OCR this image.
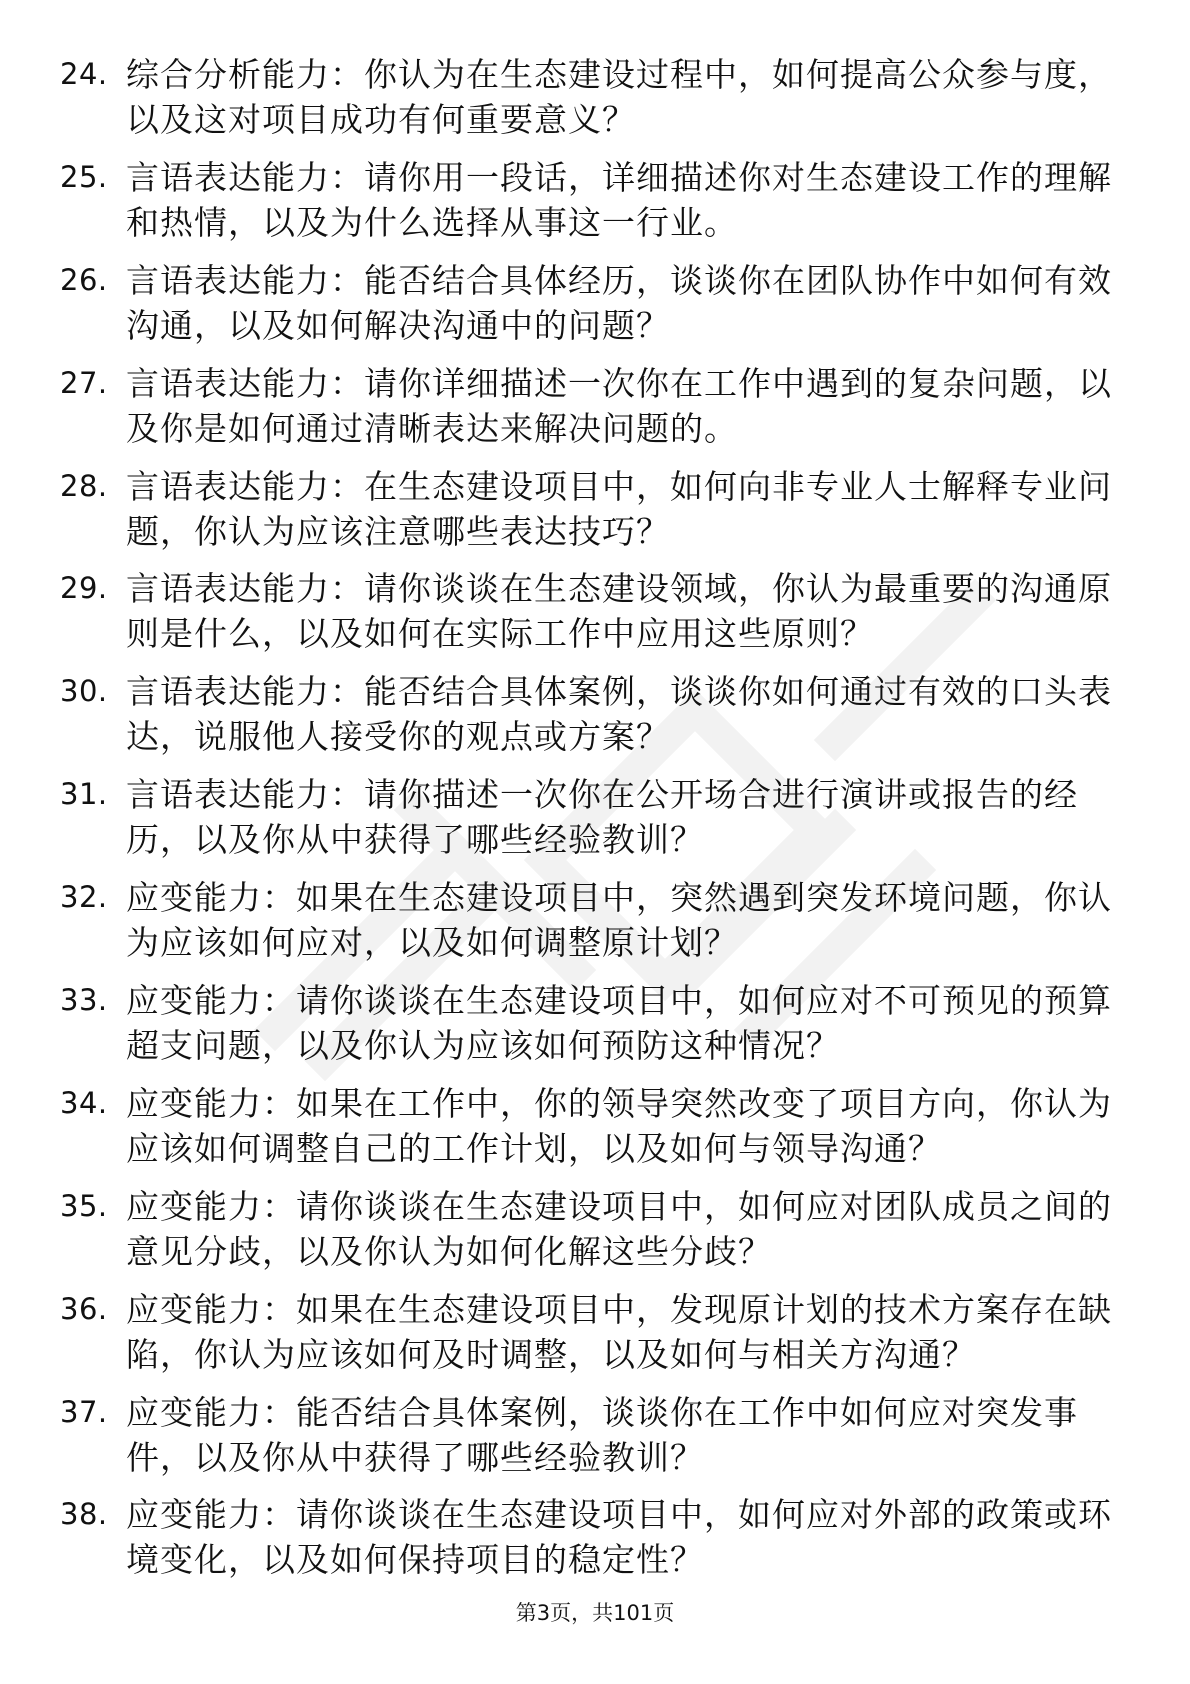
24. 综合分析能力：你认为在生态建设过程中，如何提高公众参与度，以及这对项目成功有何重要意义？
25. 言语表达能力：请你用一段话，详细描述你对生态建设工作的理解和热情，以及为什么选择从事这一行业。
26. 言语表达能力：能否结合具体经历，谈谈你在团队协作中如何有效沟通，以及如何解决沟通中的问题？
27. 言语表达能力：请你详细描述一次你在工作中遇到的复杂问题，以及你是如何通过清晰表达来解决问题的。
28. 言语表达能力：在生态建设项目中，如何向非专业人士解释专业问题，你认为应该注意哪些表达技巧？
29. 言语表达能力：请你谈谈在生态建设领域，你认为最重要的沟通原则是什么，以及如何在实际工作中应用这些原则？
30. 言语表达能力：能否结合具体案例，谈谈你如何通过有效的口头表达，说服他人接受你的观点或方案？
31. 言语表达能力：请你描述一次你在公开场合进行演讲或报告的经历，以及你从中获得了哪些经验教训？
32. 应变能力：如果在生态建设项目中，突然遇到突发环境问题，你认为应该如何应对，以及如何调整原计划？
33. 应变能力：请你谈谈在生态建设项目中，如何应对不可预见的预算超支问题，以及你认为应该如何预防这种情况？
34. 应变能力：如果在工作中，你的领导突然改变了项目方向，你认为应该如何调整自己的工作计划，以及如何与领导沟通？
35. 应变能力：请你谈谈在生态建设项目中，如何应对团队成员之间的意见分歧，以及你认为如何化解这些分歧？
36. 应变能力：如果在生态建设项目中，发现原计划的技术方案存在缺陷，你认为应该如何及时调整，以及如何与相关方沟通？
37. 应变能力：能否结合具体案例，谈谈你在工作中如何应对突发事件，以及你从中获得了哪些经验教训？
38. 应变能力：请你谈谈在生态建设项目中，如何应对外部的政策或环境变化，以及如何保持项目的稳定性？
第3页，共101页
